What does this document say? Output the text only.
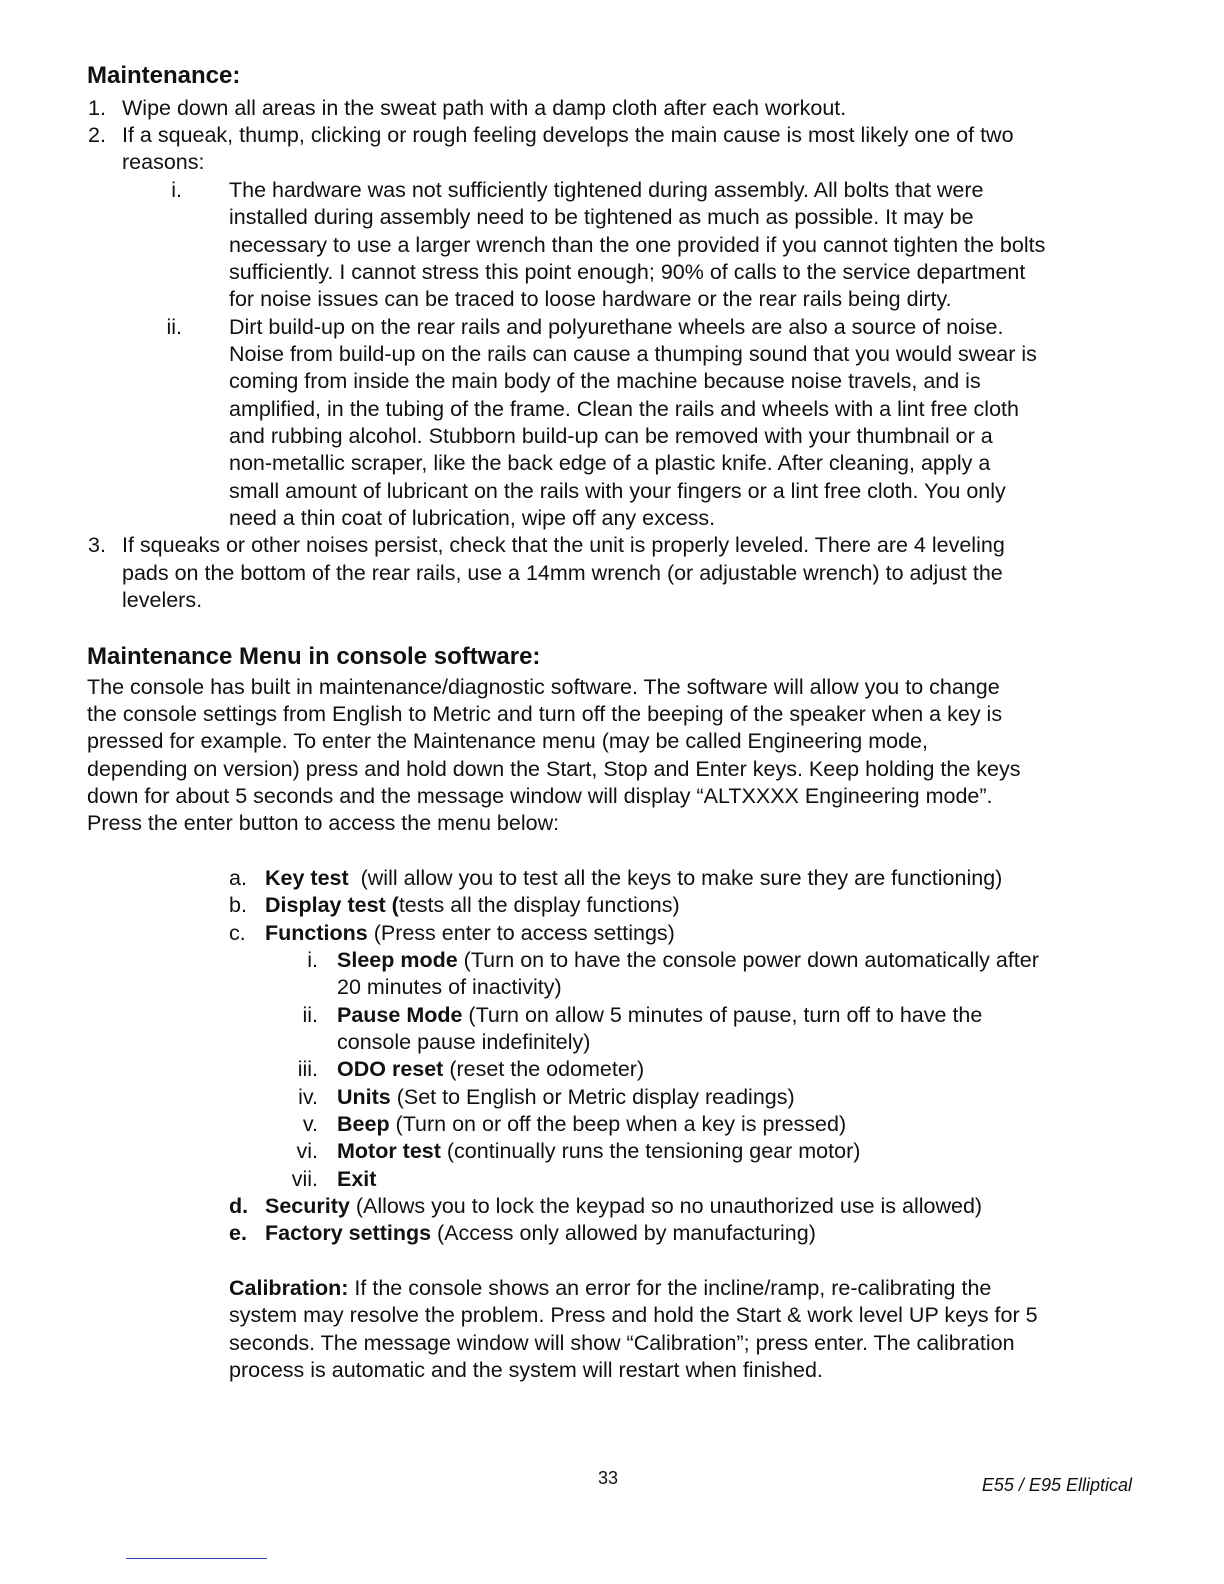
Maintenance:
1. Wipe down all areas in the sweat path with a damp cloth after each workout.
2. If a squeak, thump, clicking or rough feeling develops the main cause is most likely one of two
reasons:
i. The hardware was not sufficiently tightened during assembly. All bolts that were
installed during assembly need to be tightened as much as possible. It may be
necessary to use a larger wrench than the one provided if you cannot tighten the bolts
sufficiently. I cannot stress this point enough; 90% of calls to the service department
for noise issues can be traced to loose hardware or the rear rails being dirty.
ii. Dirt build-up on the rear rails and polyurethane wheels are also a source of noise.
Noise from build-up on the rails can cause a thumping sound that you would swear is
coming from inside the main body of the machine because noise travels, and is
amplified, in the tubing of the frame. Clean the rails and wheels with a lint free cloth
and rubbing alcohol. Stubborn build-up can be removed with your thumbnail or a
non-metallic scraper, like the back edge of a plastic knife. After cleaning, apply a
small amount of lubricant on the rails with your fingers or a lint free cloth. You only
need a thin coat of lubrication, wipe off any excess.
3. If squeaks or other noises persist, check that the unit is properly leveled. There are 4 leveling
pads on the bottom of the rear rails, use a 14mm wrench (or adjustable wrench) to adjust the
levelers.
Maintenance Menu in console software:
The console has built in maintenance/diagnostic software. The software will allow you to change
the console settings from English to Metric and turn off the beeping of the speaker when a key is
pressed for example. To enter the Maintenance menu (may be called Engineering mode,
depending on version) press and hold down the Start, Stop and Enter keys. Keep holding the keys
down for about 5 seconds and the message window will display “ALTXXXX Engineering mode”.
Press the enter button to access the menu below:
a. Key test  (will allow you to test all the keys to make sure they are functioning)
b. Display test (tests all the display functions)
c. Functions (Press enter to access settings)
i. Sleep mode (Turn on to have the console power down automatically after
20 minutes of inactivity)
ii. Pause Mode (Turn on allow 5 minutes of pause, turn off to have the
console pause indefinitely)
iii. ODO reset (reset the odometer)
iv. Units (Set to English or Metric display readings)
v. Beep (Turn on or off the beep when a key is pressed)
vi. Motor test (continually runs the tensioning gear motor)
vii. Exit
d. Security (Allows you to lock the keypad so no unauthorized use is allowed)
e. Factory settings (Access only allowed by manufacturing)
Calibration: If the console shows an error for the incline/ramp, re-calibrating the
system may resolve the problem. Press and hold the Start & work level UP keys for 5
seconds. The message window will show “Calibration”; press enter. The calibration
process is automatic and the system will restart when finished.
33	E55 / E95 Elliptical
